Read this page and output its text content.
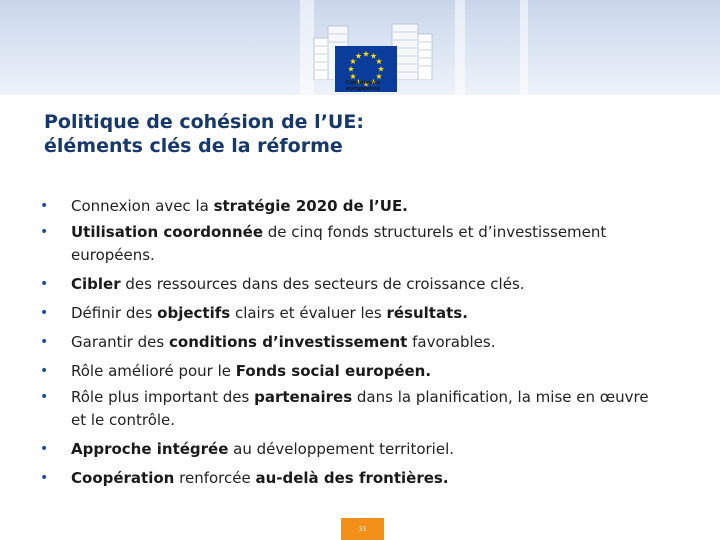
Commission
européenne
Politique de cohésion de l’UE:
éléments clés de la réforme
• Connexion avec la stratégie 2020 de l’UE.
• Utilisation coordonnée de cinq fonds structurels et d’investissement européens.
• Cibler des ressources dans des secteurs de croissance clés.
• Définir des objectifs clairs et évaluer les résultats.
• Garantir des conditions d’investissement favorables.
• Rôle amélioré pour le Fonds social européen.
• Rôle plus important des partenaires dans la planification, la mise en œuvre et le contrôle.
• Approche intégrée au développement territoriel.
• Coopération renforcée au-delà des frontières.
33
